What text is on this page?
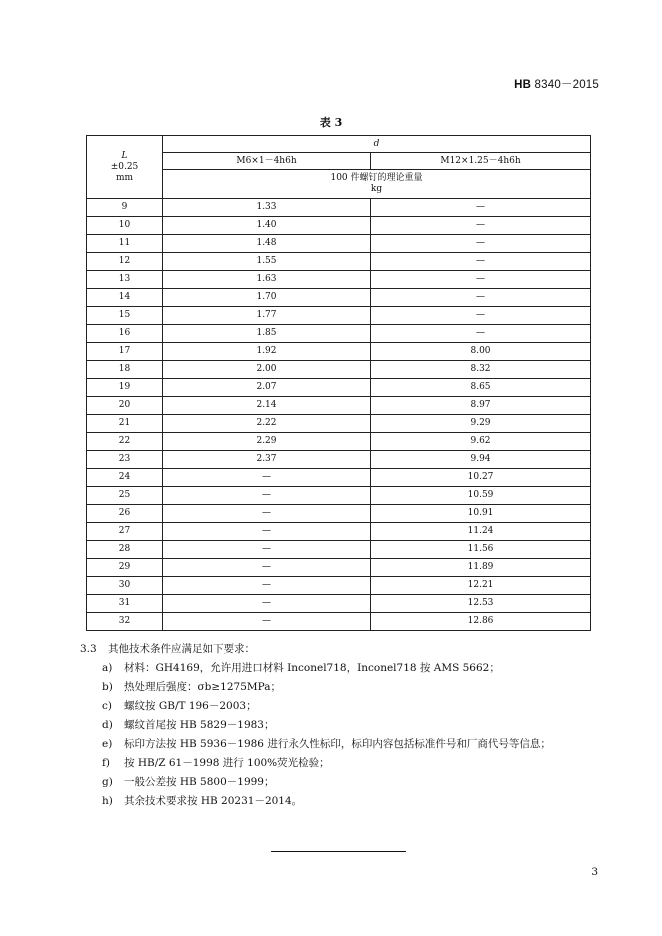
HB 8340－2015
表 3
L
±0.25
mm	d	
	M6×1－4h6h	M12×1.25－4h6h

	100 件螺钉的理论重量
kg	

9	1.33	—
10	1.40	—
11	1.48	—
12	1.55	—
13	1.63	—
14	1.70	—
15	1.77	—
16	1.85	—
17	1.92	8.00
18	2.00	8.32
19	2.07	8.65
20	2.14	8.97
21	2.22	9.29
22	2.29	9.62
23	2.37	9.94
24	—	10.27
25	—	10.59
26	—	10.91
27	—	11.24
28	—	11.56
29	—	11.89
30	—	12.21
31	—	12.53
32	—	12.86
3.3 其他技术条件应满足如下要求：
a) 材料：GH4169，允许用进口材料 Inconel718，Inconel718 按 AMS 5662；
b) 热处理后强度：σb≥1275MPa；
c) 螺纹按 GB/T 196－2003；
d) 螺纹首尾按 HB 5829－1983；
e) 标印方法按 HB 5936－1986 进行永久性标印，标印内容包括标准件号和厂商代号等信息；
f) 按 HB/Z 61－1998 进行 100%荧光检验；
g) 一般公差按 HB 5800－1999；
h) 其余技术要求按 HB 20231－2014。
3
